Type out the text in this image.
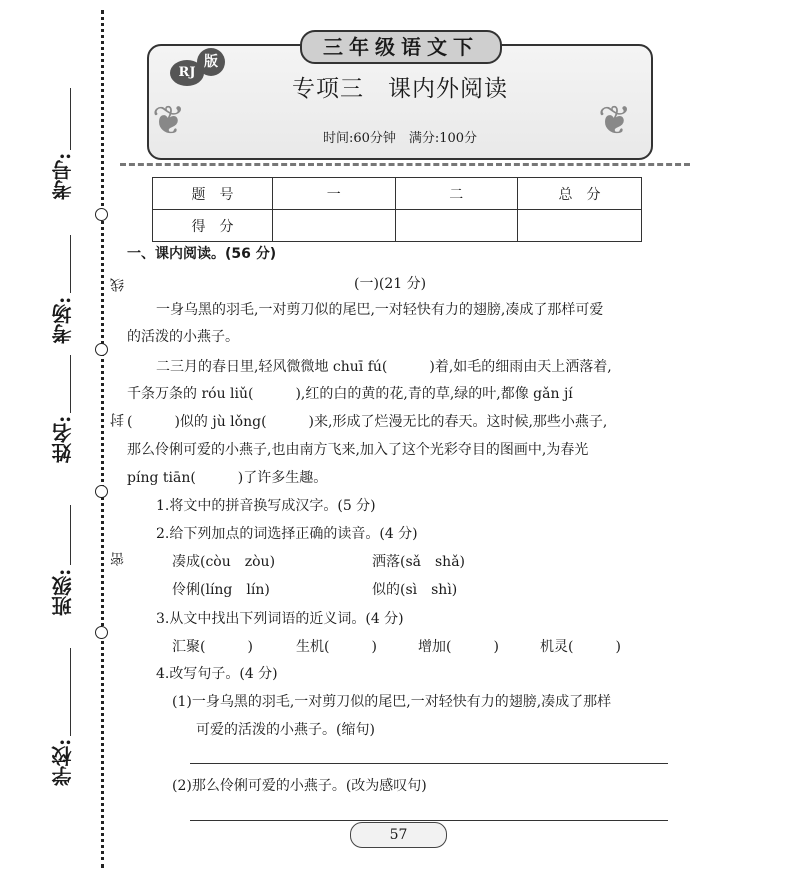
考号:
考场:
姓名:
班级:
学校:
线
封
密
❦	❦
三年级语文下
RJ
版
专项三　课内外阅读
时间:60分钟　满分:100分
题　号	一	二	总　分
得　分			
一、课内阅读。(56 分)
(一)(21 分)
一身乌黑的羽毛,一对剪刀似的尾巴,一对轻快有力的翅膀,凑成了那样可爱
的活泼的小燕子。
二三月的春日里,轻风微微地 chuī fú(　　　)着,如毛的细雨由天上洒落着,
千条万条的 róu liǔ(　　　),红的白的黄的花,青的草,绿的叶,都像 gǎn jí
(　　　)似的 jù lǒng(　　　)来,形成了烂漫无比的春天。这时候,那些小燕子,
那么伶俐可爱的小燕子,也由南方飞来,加入了这个光彩夺目的图画中,为春光
píng tiān(　　　)了许多生趣。
1.将文中的拼音换写成汉字。(5 分)
2.给下列加点的词选择正确的读音。(4 分)
凑成(còu　zòu)	洒落(sǎ　shǎ)
伶俐(líng　lín)	似的(sì　shì)
3.从文中找出下列词语的近义词。(4 分)
汇聚(　　　)	生机(　　　)	增加(　　　)	机灵(　　　)
4.改写句子。(4 分)
(1)一身乌黑的羽毛,一对剪刀似的尾巴,一对轻快有力的翅膀,凑成了那样
可爱的活泼的小燕子。(缩句)
(2)那么伶俐可爱的小燕子。(改为感叹句)
57
